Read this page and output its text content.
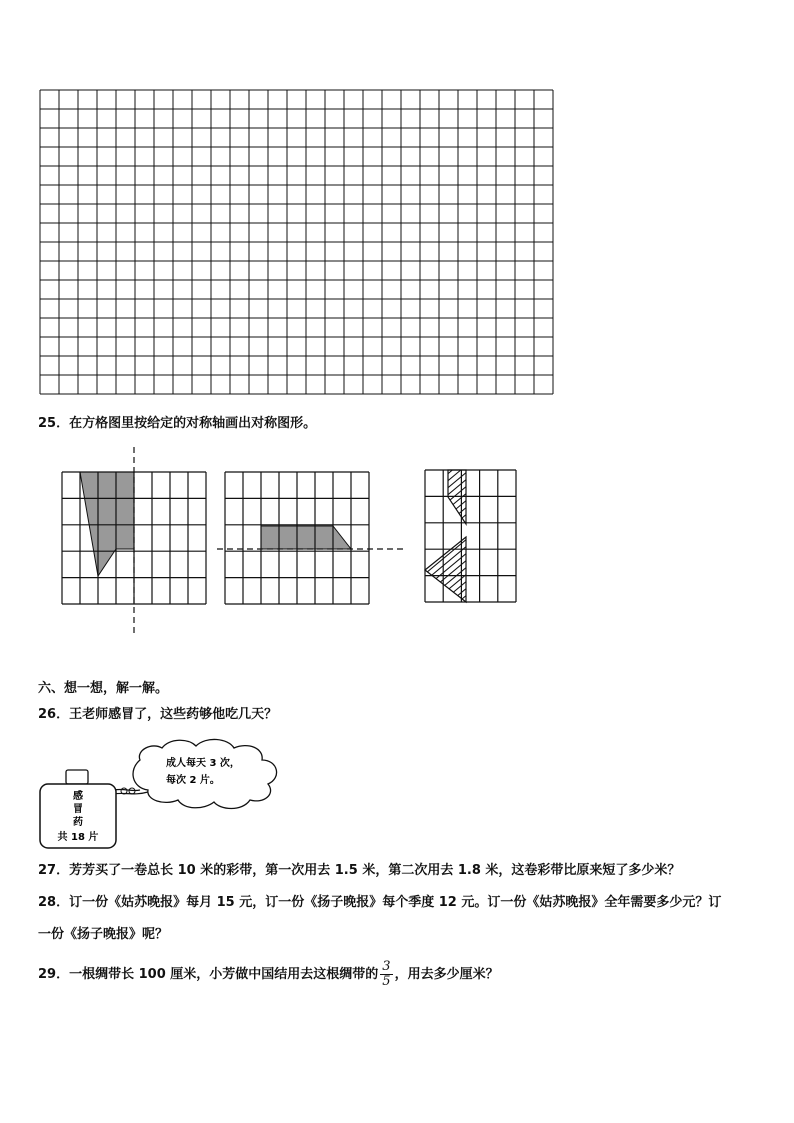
25．在方格图里按给定的对称轴画出对称图形。
六、想一想，解一解。
26．王老师感冒了，这些药够他吃几天？
成人每天 3 次，
每次 2 片。
感
冒
药
共 18 片
27．芳芳买了一卷总长 10 米的彩带，第一次用去 1.5 米，第二次用去 1.8 米，这卷彩带比原来短了多少米？
28．订一份《姑苏晚报》每月 15 元，订一份《扬子晚报》每个季度 12 元。订一份《姑苏晚报》全年需要多少元？订
一份《扬子晚报》呢？
29．一根绸带长 100 厘米，小芳做中国结用去这根绸带的 $\frac{3}{5}$ ，用去多少厘米？
